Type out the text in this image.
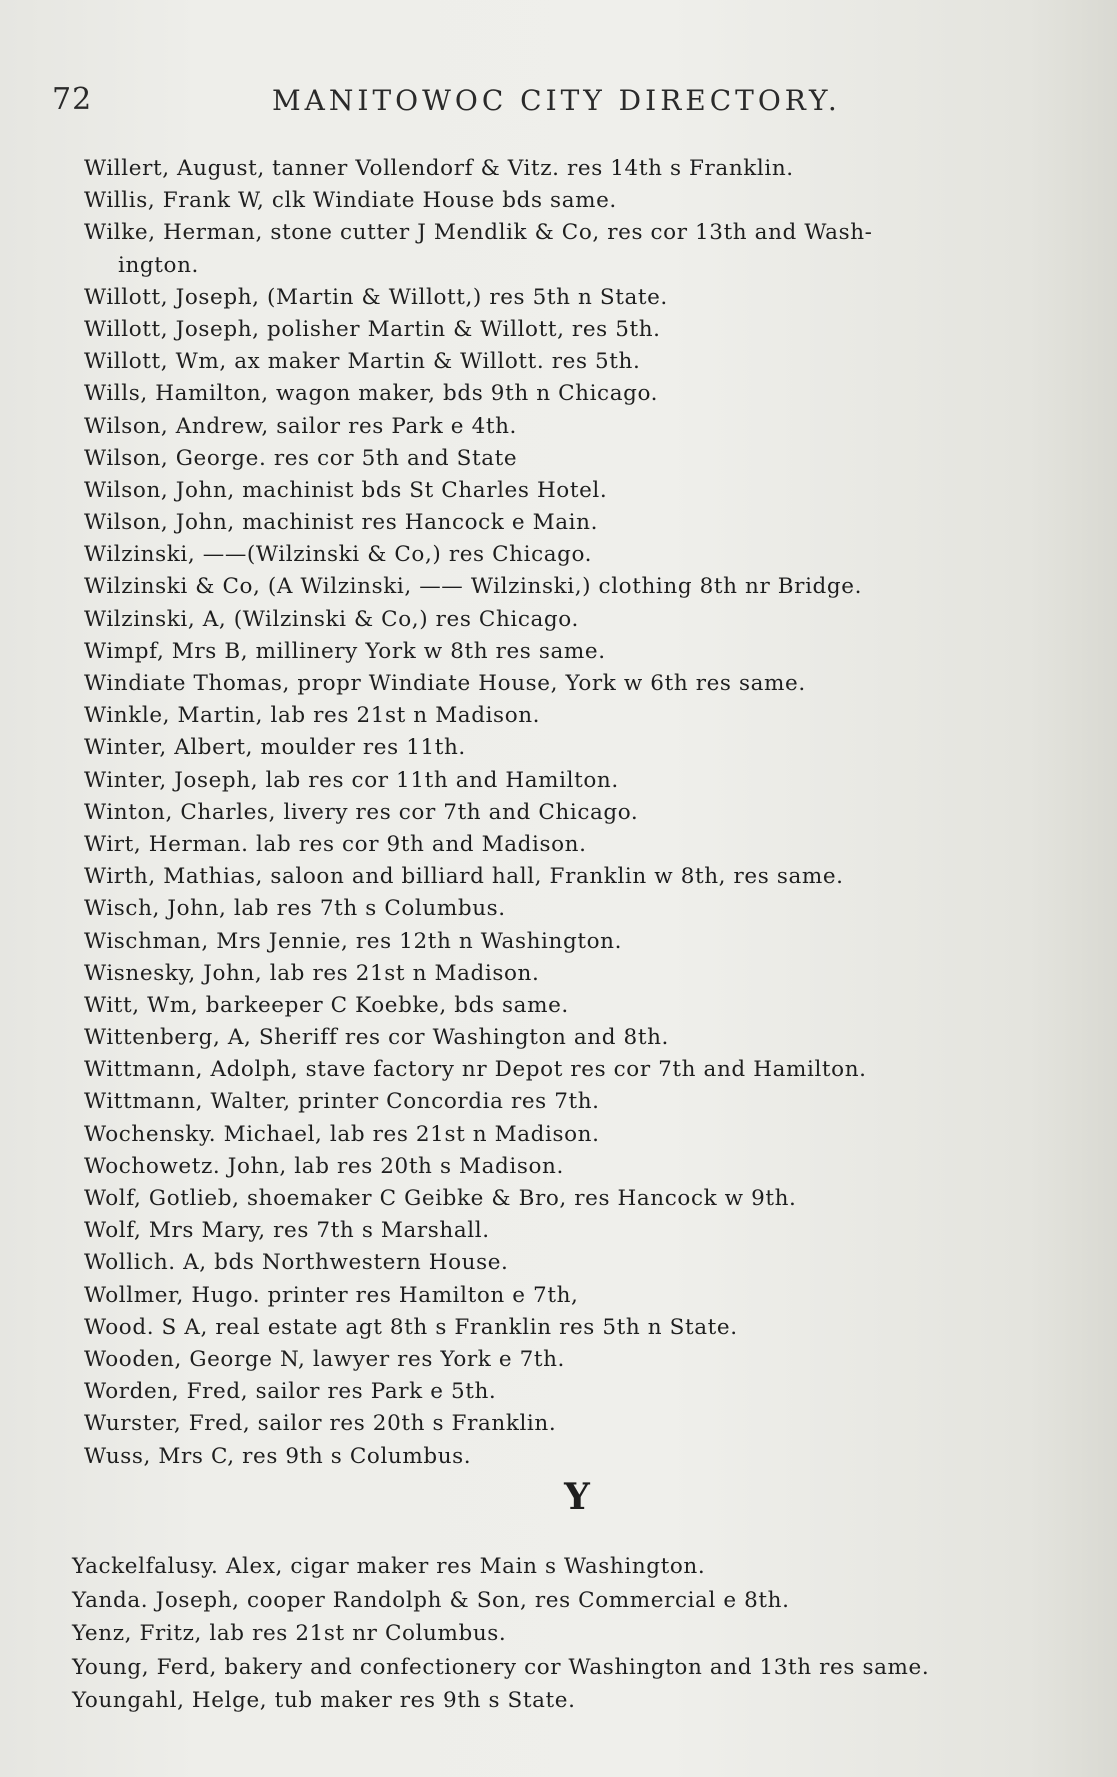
72	MANITOWOC CITY DIRECTORY.
Willert, August, tanner Vollendorf & Vitz. res 14th s Franklin.
Willis, Frank W, clk Windiate House bds same.
Wilke, Herman, stone cutter J Mendlik & Co, res cor 13th and Wash-
ington.
Willott, Joseph, (Martin & Willott,) res 5th n State.
Willott, Joseph, polisher Martin & Willott, res 5th.
Willott, Wm, ax maker Martin & Willott. res 5th.
Wills, Hamilton, wagon maker, bds 9th n Chicago.
Wilson, Andrew, sailor res Park e 4th.
Wilson, George. res cor 5th and State
Wilson, John, machinist bds St Charles Hotel.
Wilson, John, machinist res Hancock e Main.
Wilzinski, ——(Wilzinski & Co,) res Chicago.
Wilzinski & Co, (A Wilzinski, —— Wilzinski,) clothing 8th nr Bridge.
Wilzinski, A, (Wilzinski & Co,) res Chicago.
Wimpf, Mrs B, millinery York w 8th res same.
Windiate Thomas, propr Windiate House, York w 6th res same.
Winkle, Martin, lab res 21st n Madison.
Winter, Albert, moulder res 11th.
Winter, Joseph, lab res cor 11th and Hamilton.
Winton, Charles, livery res cor 7th and Chicago.
Wirt, Herman. lab res cor 9th and Madison.
Wirth, Mathias, saloon and billiard hall, Franklin w 8th, res same.
Wisch, John, lab res 7th s Columbus.
Wischman, Mrs Jennie, res 12th n Washington.
Wisnesky, John, lab res 21st n Madison.
Witt, Wm, barkeeper C Koebke, bds same.
Wittenberg, A, Sheriff res cor Washington and 8th.
Wittmann, Adolph, stave factory nr Depot res cor 7th and Hamilton.
Wittmann, Walter, printer Concordia res 7th.
Wochensky. Michael, lab res 21st n Madison.
Wochowetz. John, lab res 20th s Madison.
Wolf, Gotlieb, shoemaker C Geibke & Bro, res Hancock w 9th.
Wolf, Mrs Mary, res 7th s Marshall.
Wollich. A, bds Northwestern House.
Wollmer, Hugo. printer res Hamilton e 7th,
Wood. S A, real estate agt 8th s Franklin res 5th n State.
Wooden, George N, lawyer res York e 7th.
Worden, Fred, sailor res Park e 5th.
Wurster, Fred, sailor res 20th s Franklin.
Wuss, Mrs C, res 9th s Columbus.
Y
Yackelfalusy. Alex, cigar maker res Main s Washington.
Yanda. Joseph, cooper Randolph & Son, res Commercial e 8th.
Yenz, Fritz, lab res 21st nr Columbus.
Young, Ferd, bakery and confectionery cor Washington and 13th res same.
Youngahl, Helge, tub maker res 9th s State.
